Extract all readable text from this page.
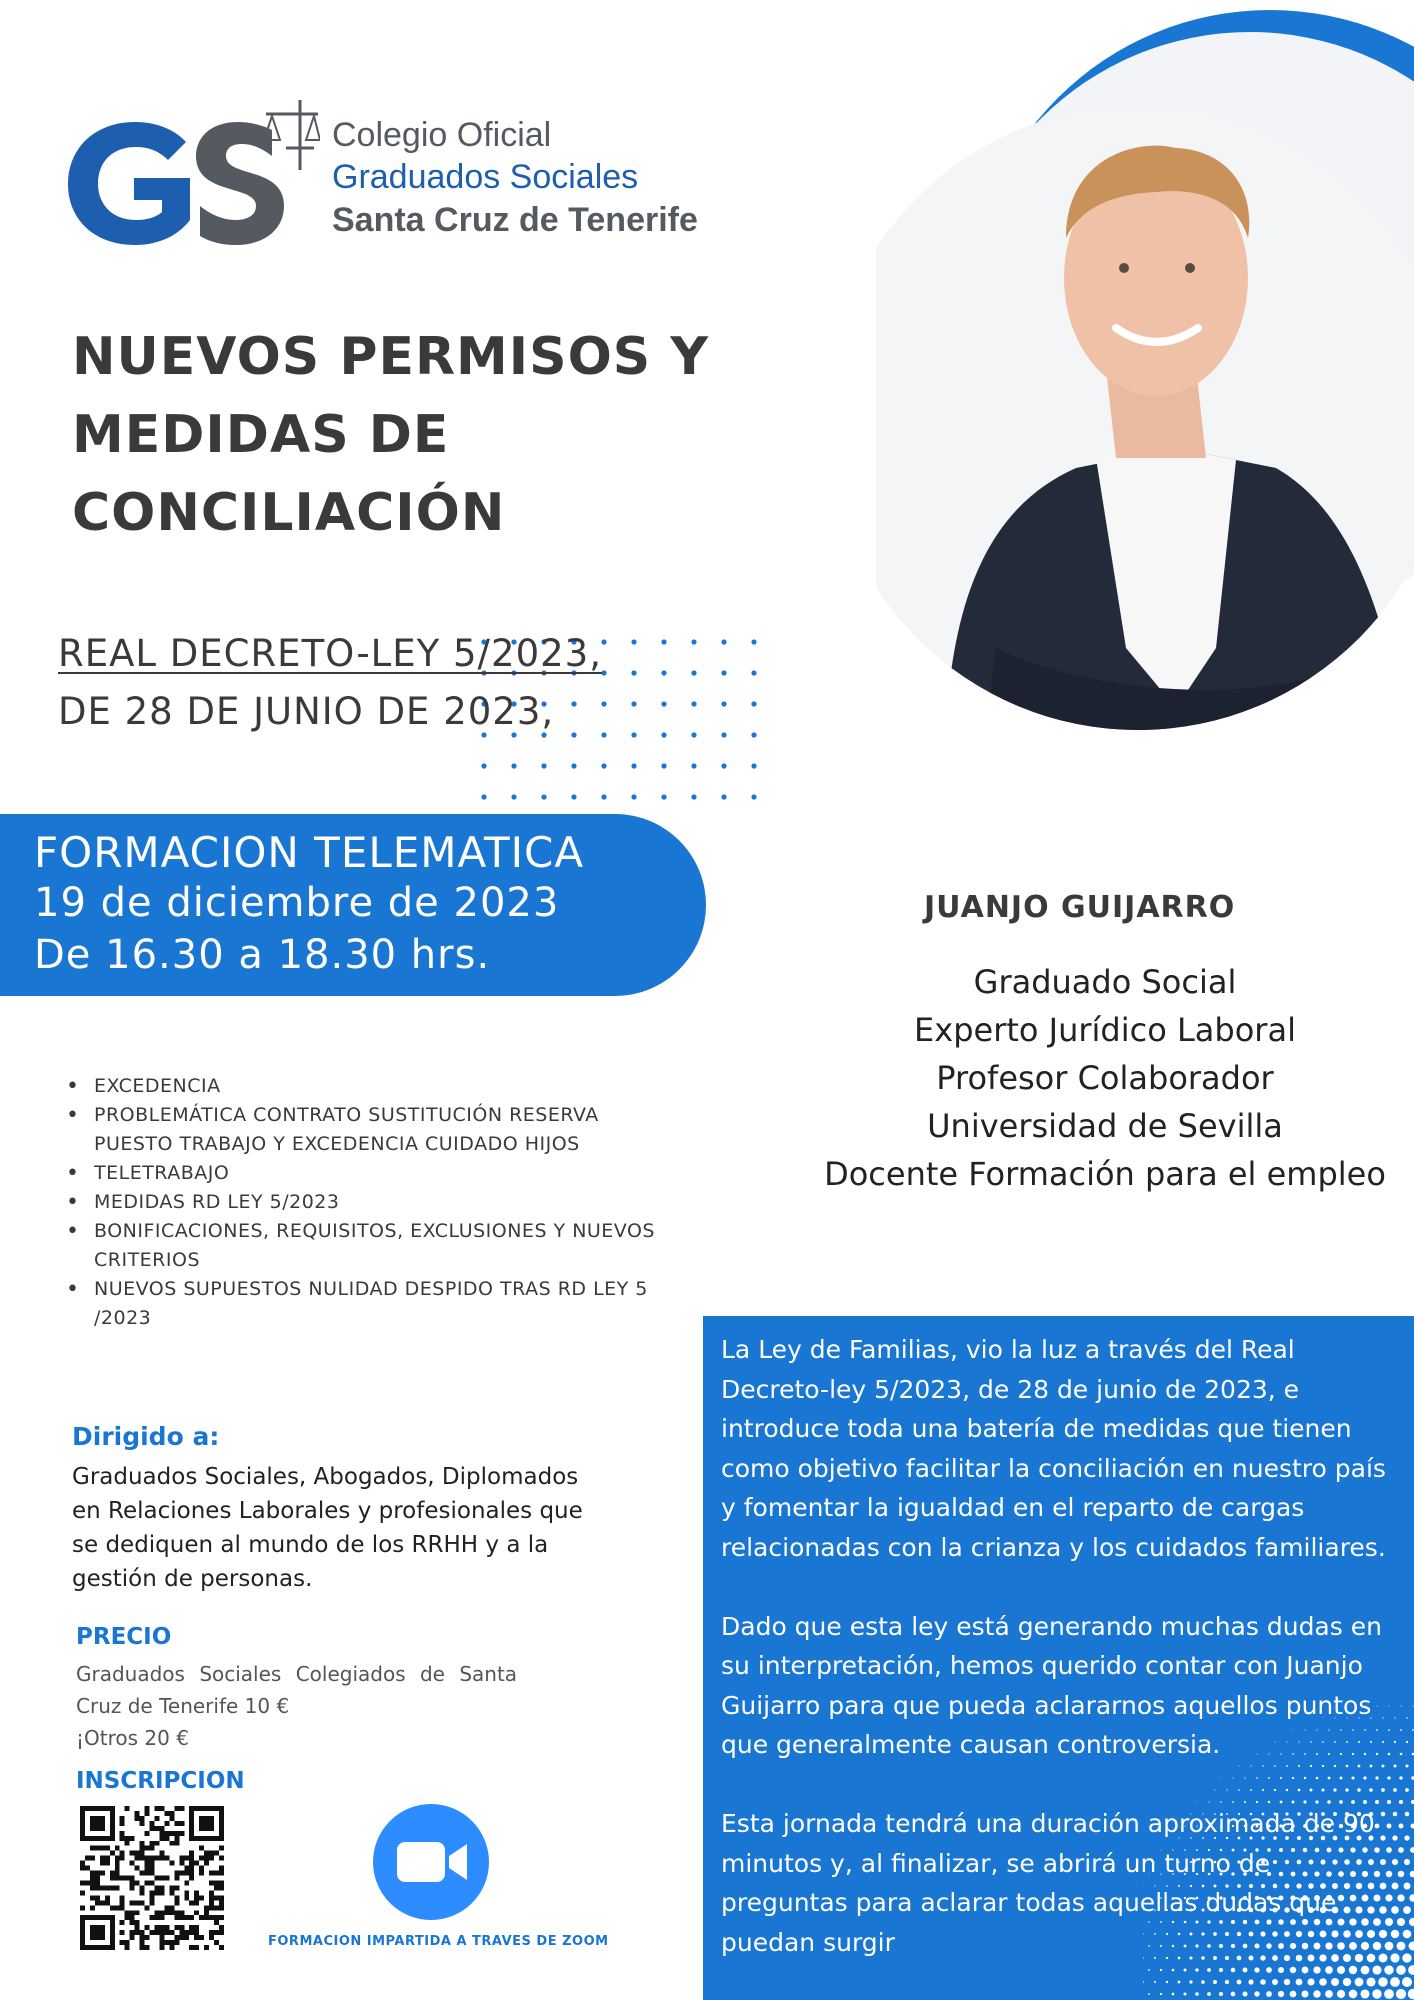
Colegio Oficial
Graduados Sociales
Santa Cruz de Tenerife
NUEVOS PERMISOS Y
MEDIDAS DE
CONCILIACIÓN
REAL DECRETO-LEY 5/2023,
DE 28 DE JUNIO DE 2023,
FORMACION TELEMATICA
19 de diciembre de 2023
De 16.30 a 18.30 hrs.
• EXCEDENCIA
• PROBLEMÁTICA CONTRATO SUSTITUCIÓN RESERVA PUESTO TRABAJO Y EXCEDENCIA CUIDADO HIJOS
• TELETRABAJO
• MEDIDAS RD LEY 5/2023
• BONIFICACIONES, REQUISITOS, EXCLUSIONES Y NUEVOS CRITERIOS
• NUEVOS SUPUESTOS NULIDAD DESPIDO TRAS RD LEY 5 /2023
Dirigido a:
Graduados Sociales, Abogados, Diplomados en Relaciones Laborales y profesionales que se dediquen al mundo de los RRHH y a la gestión de personas.
PRECIO
Graduados Sociales Colegiados de Santa
Cruz de Tenerife 10 €
¡Otros 20 €
INSCRIPCION
FORMACION IMPARTIDA A TRAVES DE ZOOM
JUANJO GUIJARRO
Graduado Social
Experto Jurídico Laboral
Profesor Colaborador
Universidad de Sevilla
Docente Formación para el empleo

La Ley de Familias, vio la luz a través del Real Decreto-ley 5/2023, de 28 de junio de 2023, e introduce toda una batería de medidas que tienen como objetivo facilitar la conciliación en nuestro país y fomentar la igualdad en el reparto de cargas relacionadas con la crianza y los cuidados familiares.

Dado que esta ley está generando muchas dudas en su interpretación, hemos querido contar con Juanjo Guijarro para que pueda aclararnos aquellos puntos que generalmente causan controversia.

Esta jornada tendrá una duración aproximada de 90 minutos y, al finalizar, se abrirá un turno de preguntas para aclarar todas aquellas dudas que puedan surgir
